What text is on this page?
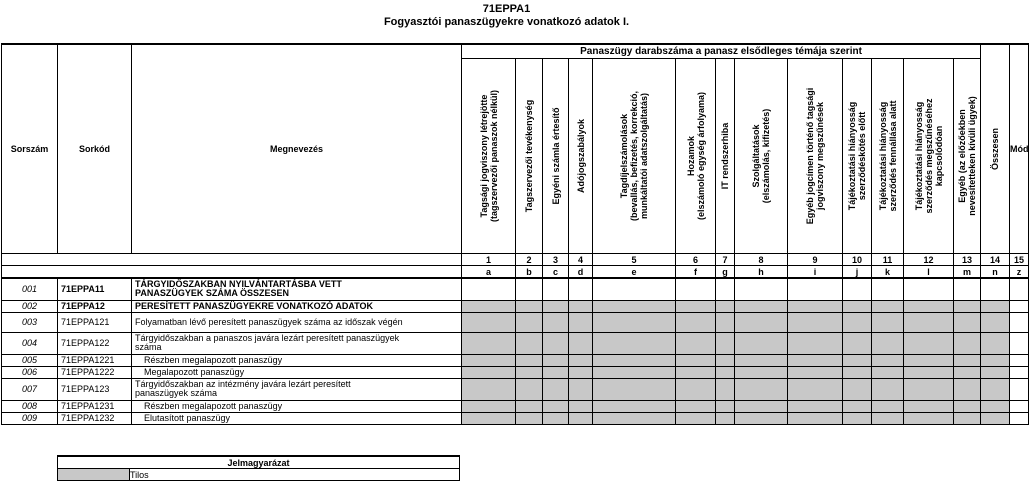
71EPPA1
Fogyasztói panaszügyekre vonatkozó adatok I.
Sorszám	Sorkód	Megnevezés	Panaszügy darabszáma a panasz elsődleges témája szerint													Összesen	Mód

			Tagsági jogviszony létrejötte
(tagszervezői panaszok nélkül)	Tagszervezői tevékenység	Egyéni számla értesítő	Adójogszabályok	Tagdíjelszámolások
(bevallás, befizetés, korrekció,
munkáltatói adatszolgáltatás)	Hozamok
(elszámoló egység árfolyama)	IT rendszerhiba	Szolgáltatások
(elszámolás, kifizetés)	Egyéb jogcímen történő tagsági
jogviszony megszűnések	Tájékoztatási hiányosság
szerződéskötés előtt	Tájékoztatási hiányosság
szerződés fennállása alatt	Tájékoztatási hiányosság
szerződés megszűnéséhez
kapcsolódóan	Egyéb (az előzőekben
nevesítetteken kívüli ügyek)		

			1	2	3	4	5	6	7	8	9	10	11	12	13	14	15
			a	b	c	d	e	f	g	h	i	j	k	l	m	n	z
001	71EPPA11	TÁRGYIDŐSZAKBAN NYILVÁNTARTÁSBA VETT
PANASZÜGYEK SZÁMA ÖSSZESEN															
002	71EPPA12	PERESÍTETT PANASZÜGYEKRE VONATKOZÓ ADATOK															
003	71EPPA121	Folyamatban lévő peresített panaszügyek száma az időszak végén															
004	71EPPA122	Tárgyidőszakban a panaszos javára lezárt peresített panaszügyek
száma															
005	71EPPA1221	Részben megalapozott panaszügy															
006	71EPPA1222	Megalapozott panaszügy															
007	71EPPA123	Tárgyidőszakban az intézmény javára lezárt peresített
panaszügyek száma															
008	71EPPA1231	Részben megalapozott panaszügy															
009	71EPPA1232	Elutasított panaszügy															
Jelmagyarázat
	Tilos
